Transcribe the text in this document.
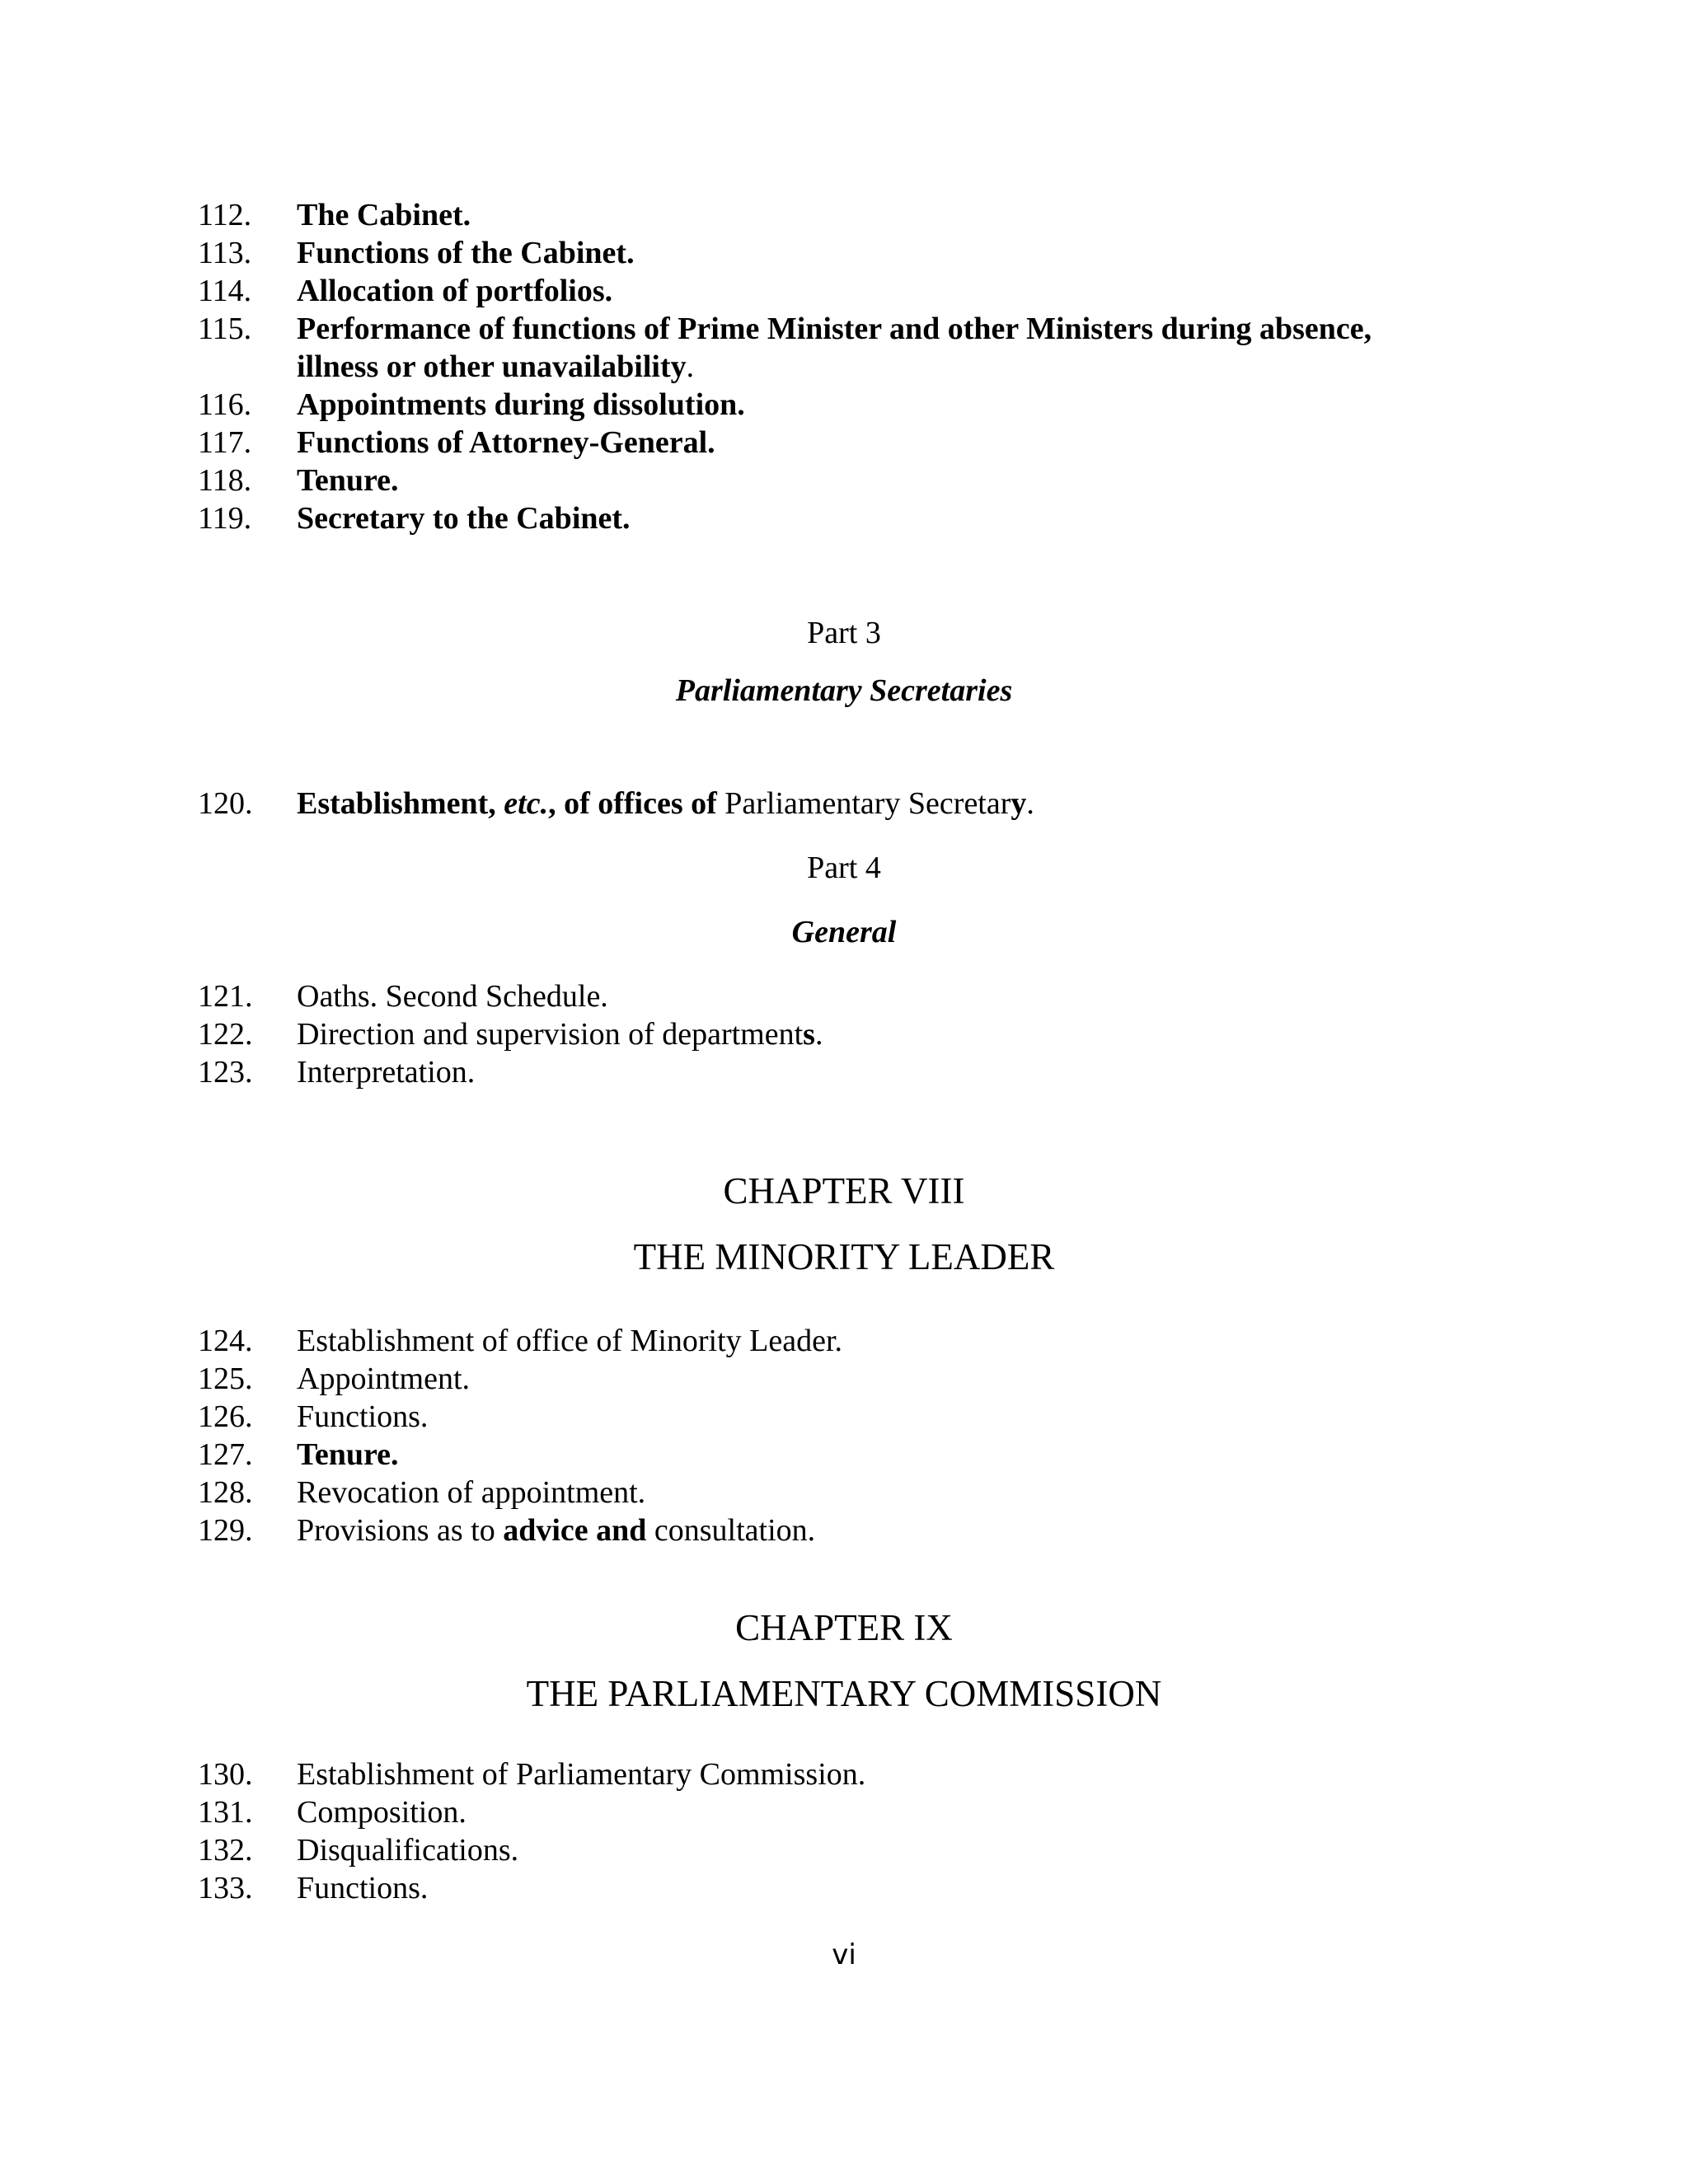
112. The Cabinet.
113. Functions of the Cabinet.
114. Allocation of portfolios.
115. Performance of functions of Prime Minister and other Ministers during absence,
illness or other unavailability.
116. Appointments during dissolution.
117. Functions of Attorney-General.
118. Tenure.
119. Secretary to the Cabinet.
Part 3
Parliamentary Secretaries
120. Establishment, etc., of offices of Parliamentary Secretary.
Part 4
General
121. Oaths. Second Schedule.
122. Direction and supervision of departments.
123. Interpretation.
CHAPTER VIII
THE MINORITY LEADER
124. Establishment of office of Minority Leader.
125. Appointment.
126. Functions.
127. Tenure.
128. Revocation of appointment.
129. Provisions as to advice and consultation.
CHAPTER IX
THE PARLIAMENTARY COMMISSION
130. Establishment of Parliamentary Commission.
131. Composition.
132. Disqualifications.
133. Functions.
vi
